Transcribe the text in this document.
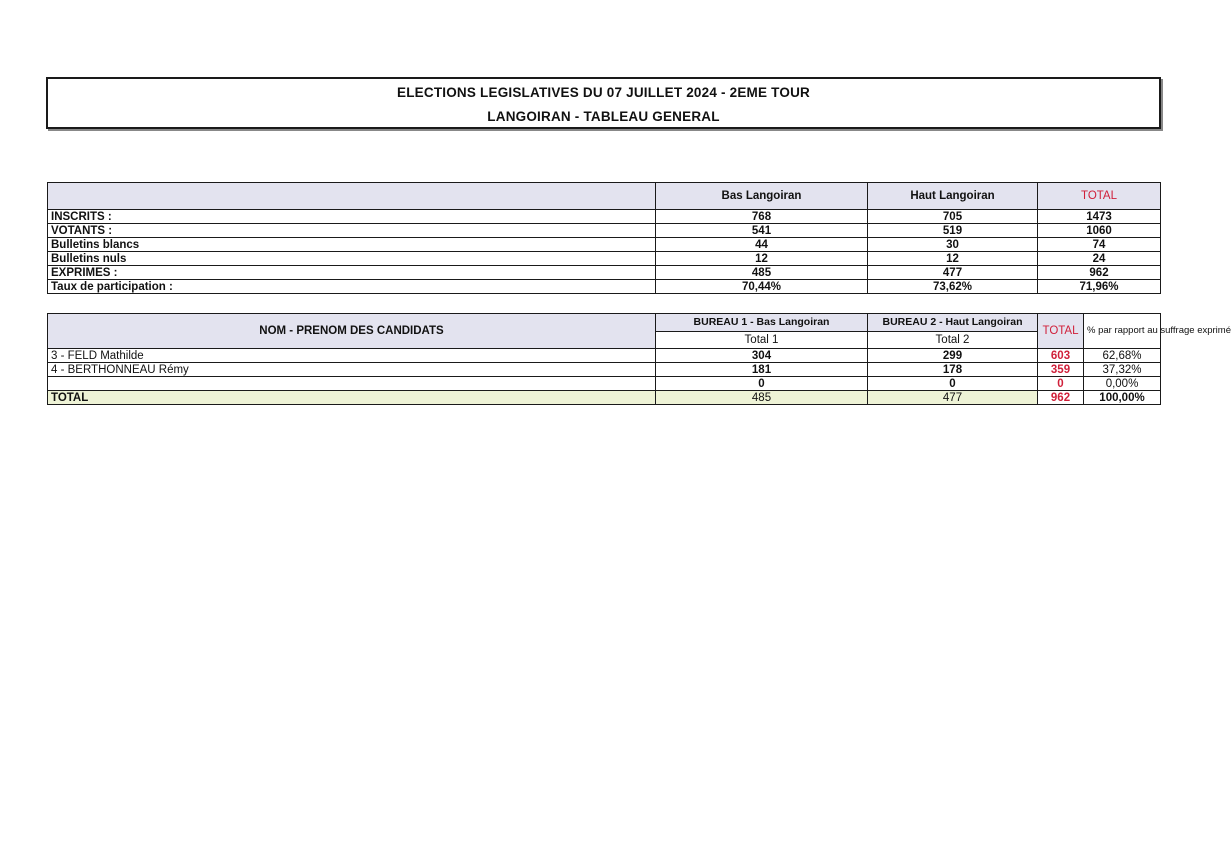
ELECTIONS LEGISLATIVES DU 07 JUILLET 2024 - 2EME TOUR
LANGOIRAN - TABLEAU GENERAL
	Bas Langoiran	Haut Langoiran	TOTAL
INSCRITS :	768	705	1473
VOTANTS :	541	519	1060
Bulletins blancs	44	30	74
Bulletins nuls	12	12	24
EXPRIMES :	485	477	962
Taux de participation :	70,44%	73,62%	71,96%
NOM - PRENOM DES CANDIDATS	BUREAU 1 - Bas Langoiran	BUREAU 2 - Haut Langoiran	TOTAL	% par rapport au suffrage exprimé
	Total 1	Total 2		
3 - FELD Mathilde	304	299	603	62,68%
4 - BERTHONNEAU Rémy	181	178	359	37,32%
	0	0	0	0,00%
TOTAL	485	477	962	100,00%
